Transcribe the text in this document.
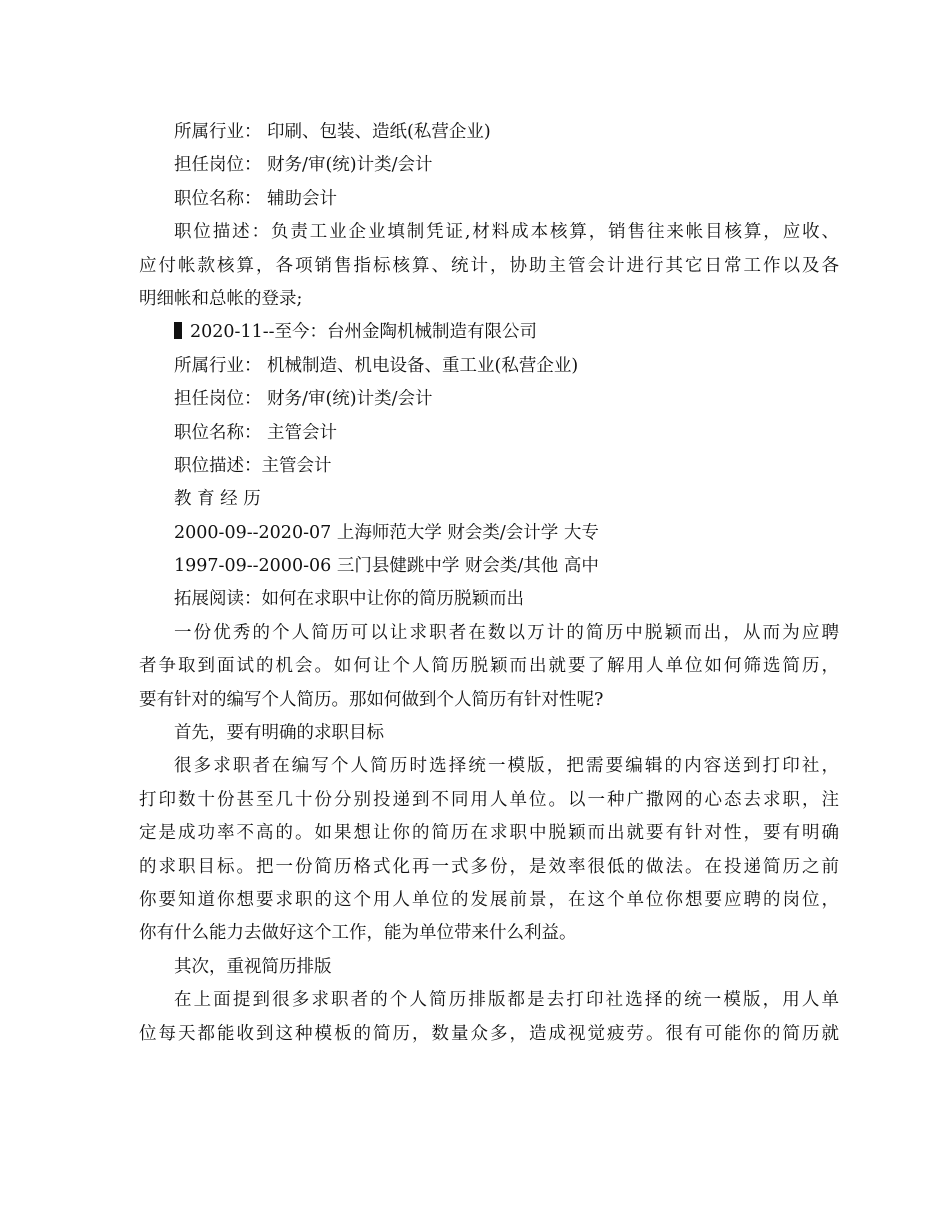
所属行业： 印刷、包装、造纸(私营企业)
担任岗位： 财务/审(统)计类/会计
职位名称： 辅助会计
职位描述：负责工业企业填制凭证,材料成本核算，销售往来帐目核算，应收、
应付帐款核算，各项销售指标核算、统计，协助主管会计进行其它日常工作以及各
明细帐和总帐的登录;
2020-11--至今：台州金陶机械制造有限公司
所属行业： 机械制造、机电设备、重工业(私营企业)
担任岗位： 财务/审(统)计类/会计
职位名称： 主管会计
职位描述：主管会计
教 育 经 历
2000-09--2020-07 上海师范大学 财会类/会计学 大专
1997-09--2000-06 三门县健跳中学 财会类/其他 高中
拓展阅读：如何在求职中让你的简历脱颖而出
一份优秀的个人简历可以让求职者在数以万计的简历中脱颖而出，从而为应聘
者争取到面试的机会。如何让个人简历脱颖而出就要了解用人单位如何筛选简历，
要有针对的编写个人简历。那如何做到个人简历有针对性呢?
首先，要有明确的求职目标
很多求职者在编写个人简历时选择统一模版，把需要编辑的内容送到打印社，
打印数十份甚至几十份分别投递到不同用人单位。以一种广撒网的心态去求职，注
定是成功率不高的。如果想让你的简历在求职中脱颖而出就要有针对性，要有明确
的求职目标。把一份简历格式化再一式多份，是效率很低的做法。在投递简历之前
你要知道你想要求职的这个用人单位的发展前景，在这个单位你想要应聘的岗位，
你有什么能力去做好这个工作，能为单位带来什么利益。
其次，重视简历排版
在上面提到很多求职者的个人简历排版都是去打印社选择的统一模版，用人单
位每天都能收到这种模板的简历，数量众多，造成视觉疲劳。很有可能你的简历就
